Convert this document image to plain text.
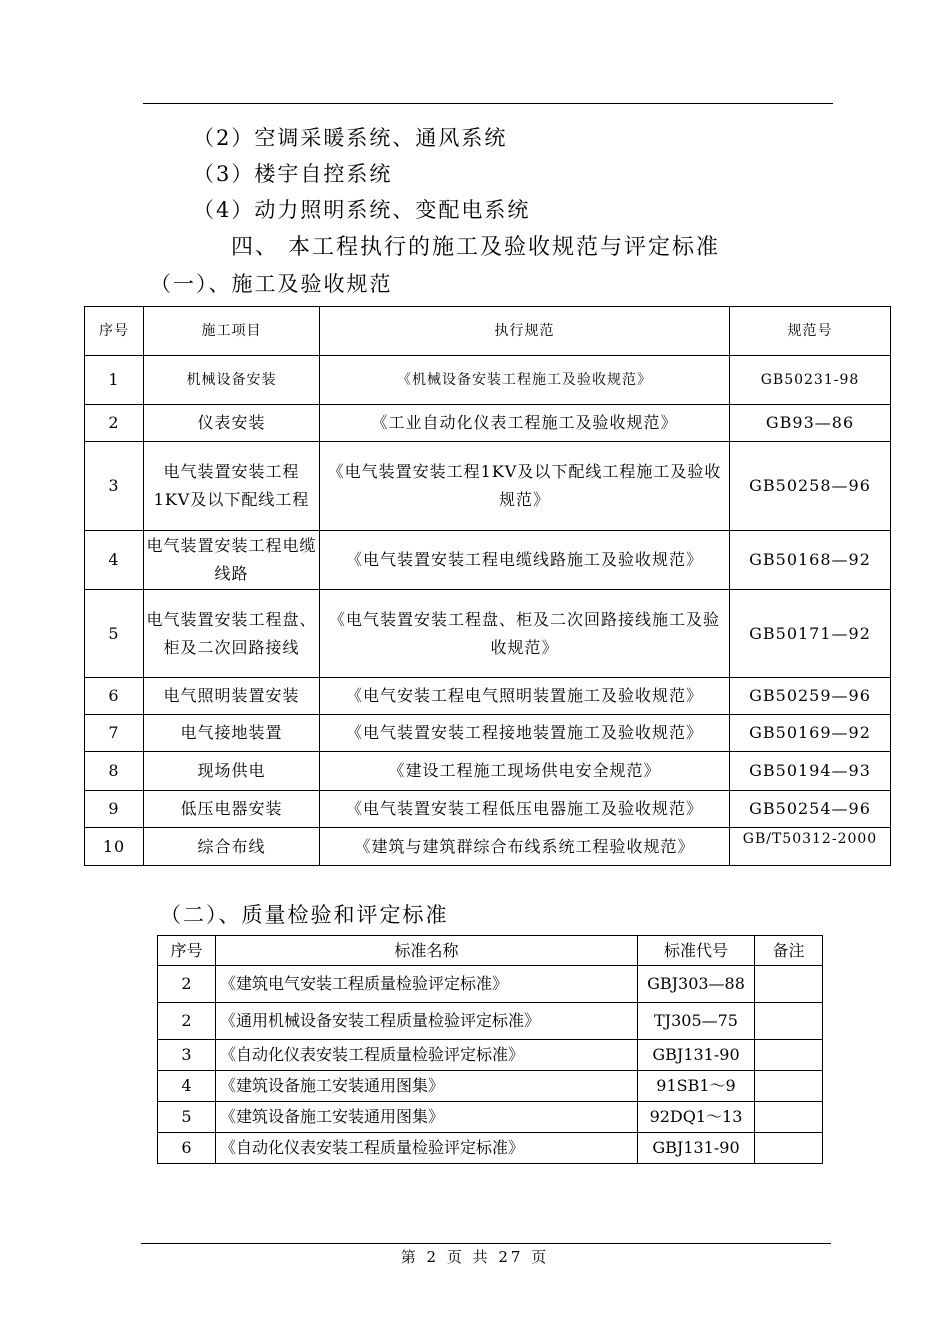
（2）空调采暖系统、通风系统
（3）楼宇自控系统
（4）动力照明系统、变配电系统
四、 本工程执行的施工及验收规范与评定标准
（一）、施工及验收规范
序号	施工项目	执行规范	规范号
1	机械设备安装	《机械设备安装工程施工及验收规范》	GB50231-98
2	仪表安装	《工业自动化仪表工程施工及验收规范》	GB93—86
3	电气装置安装工程1KV及以下配线工程	《电气装置安装工程1KV及以下配线工程施工及验收规范》	GB50258—96
4	电气装置安装工程电缆线路	《电气装置安装工程电缆线路施工及验收规范》	GB50168—92
5	电气装置安装工程盘、柜及二次回路接线	《电气装置安装工程盘、柜及二次回路接线施工及验收规范》	GB50171—92
6	电气照明装置安装	《电气安装工程电气照明装置施工及验收规范》	GB50259—96
7	电气接地装置	《电气装置安装工程接地装置施工及验收规范》	GB50169—92
8	现场供电	《建设工程施工现场供电安全规范》	GB50194—93
9	低压电器安装	《电气装置安装工程低压电器施工及验收规范》	GB50254—96
10	综合布线	《建筑与建筑群综合布线系统工程验收规范》	GB/T50312-2000
（二）、质量检验和评定标准
序号	标准名称	标准代号	备注
2	《建筑电气安装工程质量检验评定标准》	GBJ303—88	
2	《通用机械设备安装工程质量检验评定标准》	TJ305—75	
3	《自动化仪表安装工程质量检验评定标准》	GBJ131-90	
4	《建筑设备施工安装通用图集》	91SB1～9	
5	《建筑设备施工安装通用图集》	92DQ1～13	
6	《自动化仪表安装工程质量检验评定标准》	GBJ131-90	
第 2 页 共 27 页
